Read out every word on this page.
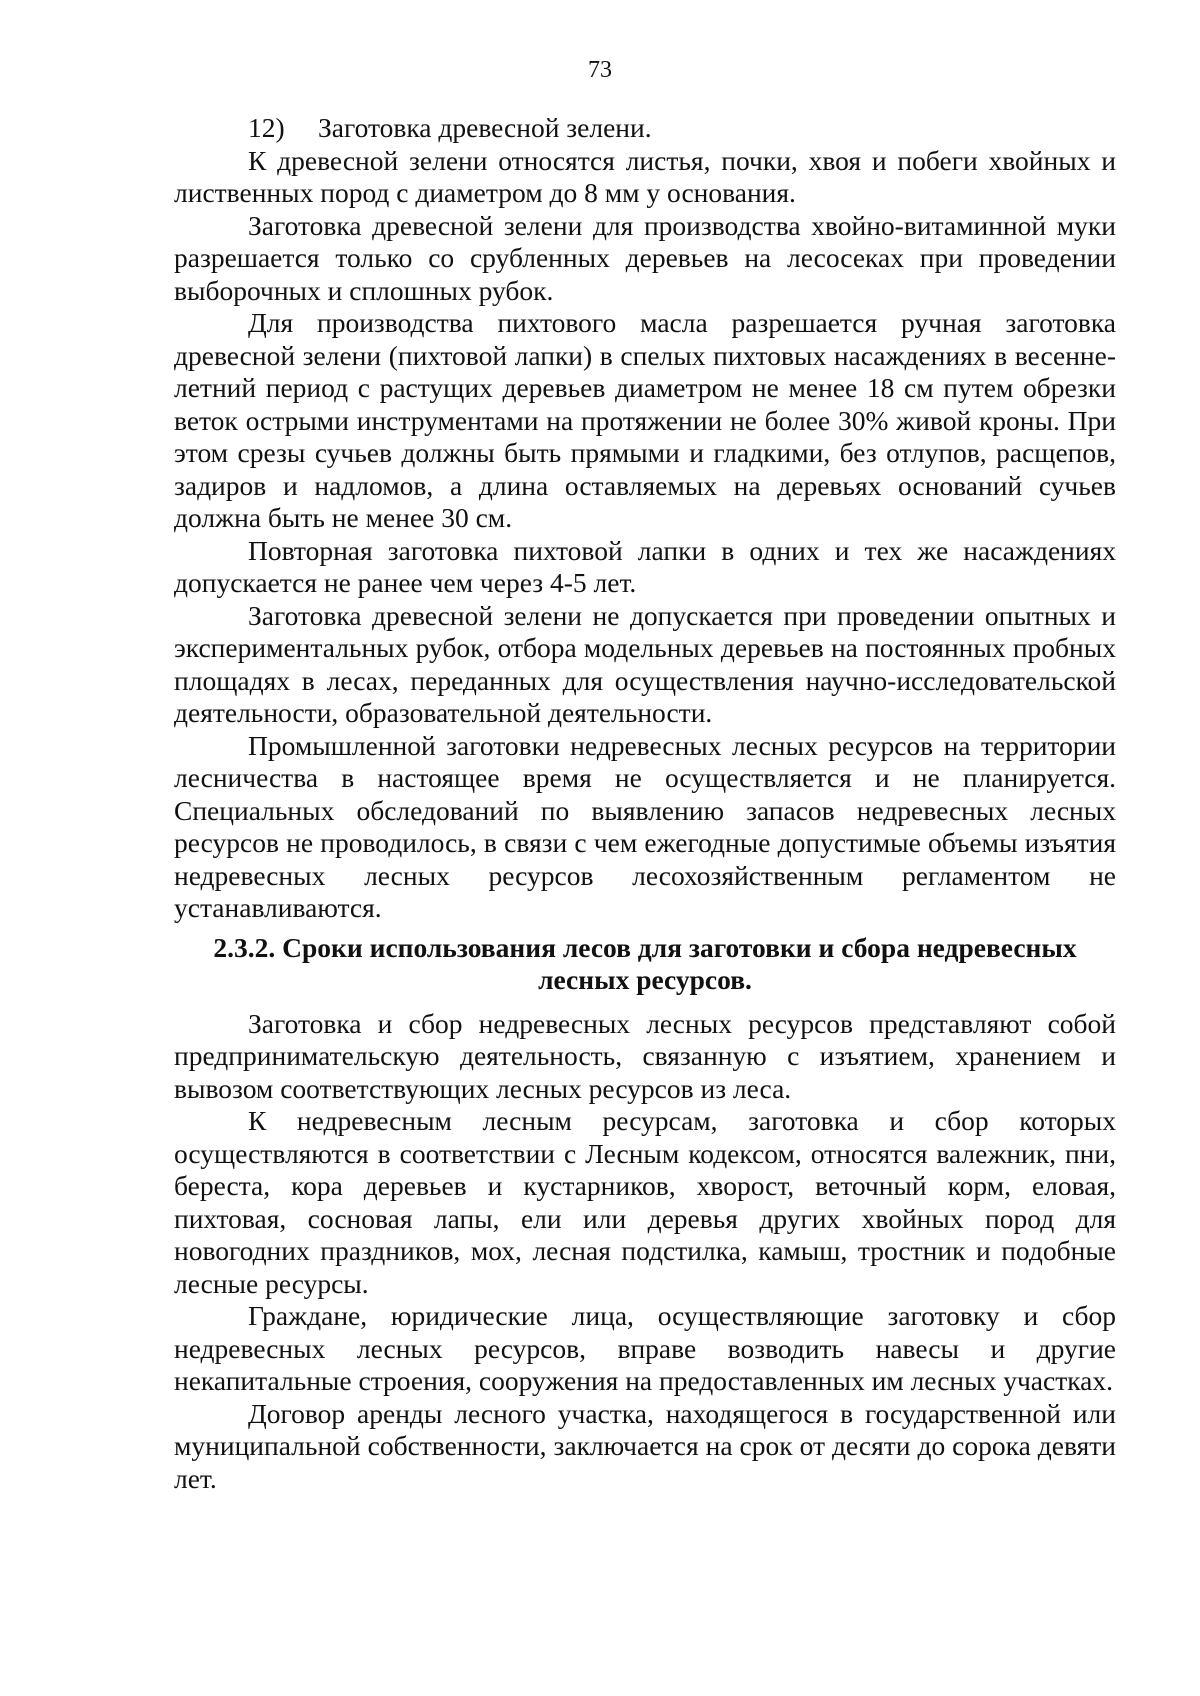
73

12) Заготовка древесной зелени.

К древесной зелени относятся листья, почки, хвоя и побеги хвойных и лиственных пород с диаметром до 8 мм у основания.

Заготовка древесной зелени для производства хвойно-витаминной муки разрешается только со срубленных деревьев на лесосеках при проведении выборочных и сплошных рубок.

Для производства пихтового масла разрешается ручная заготовка древесной зелени (пихтовой лапки) в спелых пихтовых насаждениях в весенне-летний период с растущих деревьев диаметром не менее 18 см путем обрезки веток острыми инструментами на протяжении не более 30% живой кроны. При этом срезы сучьев должны быть прямыми и гладкими, без отлупов, расщепов, задиров и надломов, а длина оставляемых на деревьях оснований сучьев должна быть не менее 30 см.

Повторная заготовка пихтовой лапки в одних и тех же насаждениях допускается не ранее чем через 4-5 лет.

Заготовка древесной зелени не допускается при проведении опытных и экспериментальных рубок, отбора модельных деревьев на постоянных пробных площадях в лесах, переданных для осуществления научно-исследовательской деятельности, образовательной деятельности.

Промышленной заготовки недревесных лесных ресурсов на территории лесничества в настоящее время не осуществляется и не планируется. Специальных обследований по выявлению запасов недревесных лесных ресурсов не проводилось, в связи с чем ежегодные допустимые объемы изъятия недревесных лесных ресурсов лесохозяйственным регламентом не устанавливаются.

2.3.2. Сроки использования лесов для заготовки и сбора недревесных
лесных ресурсов.

Заготовка и сбор недревесных лесных ресурсов представляют собой предпринимательскую деятельность, связанную с изъятием, хранением и вывозом соответствующих лесных ресурсов из леса.

К недревесным лесным ресурсам, заготовка и сбор которых осуществляются в соответствии с Лесным кодексом, относятся валежник, пни, береста, кора деревьев и кустарников, хворост, веточный корм, еловая, пихтовая, сосновая лапы, ели или деревья других хвойных пород для новогодних праздников, мох, лесная подстилка, камыш, тростник и подобные лесные ресурсы.

Граждане, юридические лица, осуществляющие заготовку и сбор недревесных лесных ресурсов, вправе возводить навесы и другие некапитальные строения, сооружения на предоставленных им лесных участках.

Договор аренды лесного участка, находящегося в государственной или муниципальной собственности, заключается на срок от десяти до сорока девяти лет.
